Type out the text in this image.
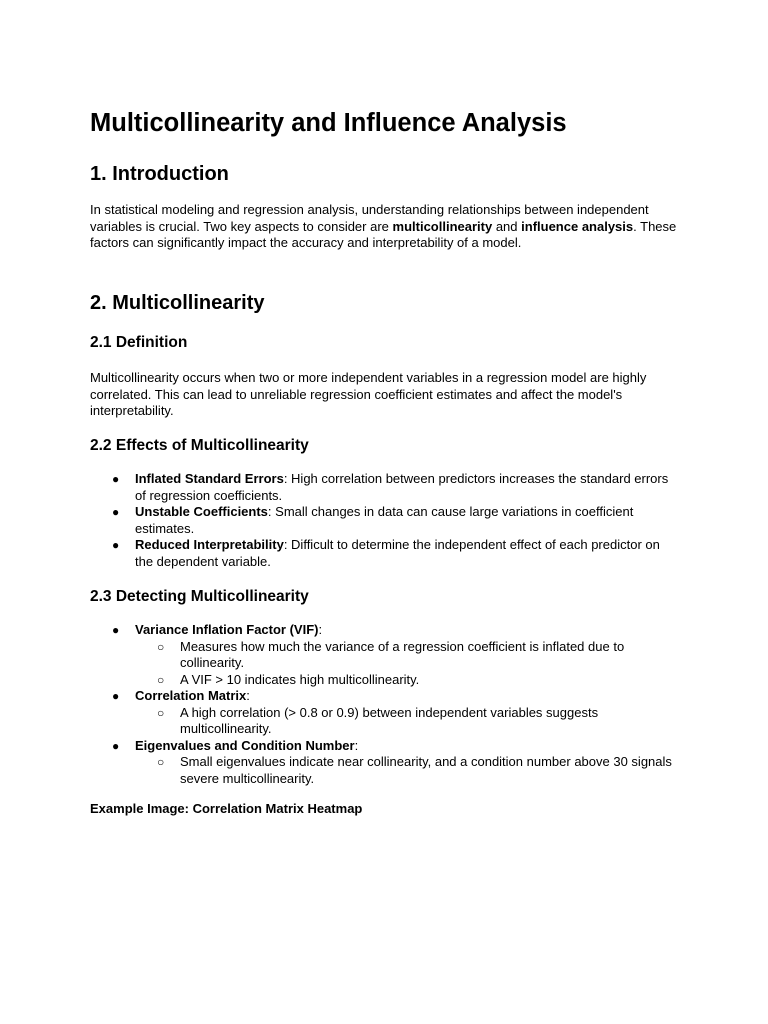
Multicollinearity and Influence Analysis
1. Introduction

In statistical modeling and regression analysis, understanding relationships between independent variables is crucial. Two key aspects to consider are multicollinearity and influence analysis. These factors can significantly impact the accuracy and interpretability of a model.

2. Multicollinearity
2.1 Definition

Multicollinearity occurs when two or more independent variables in a regression model are highly correlated. This can lead to unreliable regression coefficient estimates and affect the model's interpretability.

2.2 Effects of Multicollinearity
● Inflated Standard Errors: High correlation between predictors increases the standard errors of regression coefficients.
● Unstable Coefficients: Small changes in data can cause large variations in coefficient estimates.
● Reduced Interpretability: Difficult to determine the independent effect of each predictor on the dependent variable.
2.3 Detecting Multicollinearity
● Variance Inflation Factor (VIF):
○ Measures how much the variance of a regression coefficient is inflated due to collinearity.
○ A VIF > 10 indicates high multicollinearity.
● Correlation Matrix:
○ A high correlation (> 0.8 or 0.9) between independent variables suggests multicollinearity.
● Eigenvalues and Condition Number:
○ Small eigenvalues indicate near collinearity, and a condition number above 30 signals severe multicollinearity.
Example Image: Correlation Matrix Heatmap
